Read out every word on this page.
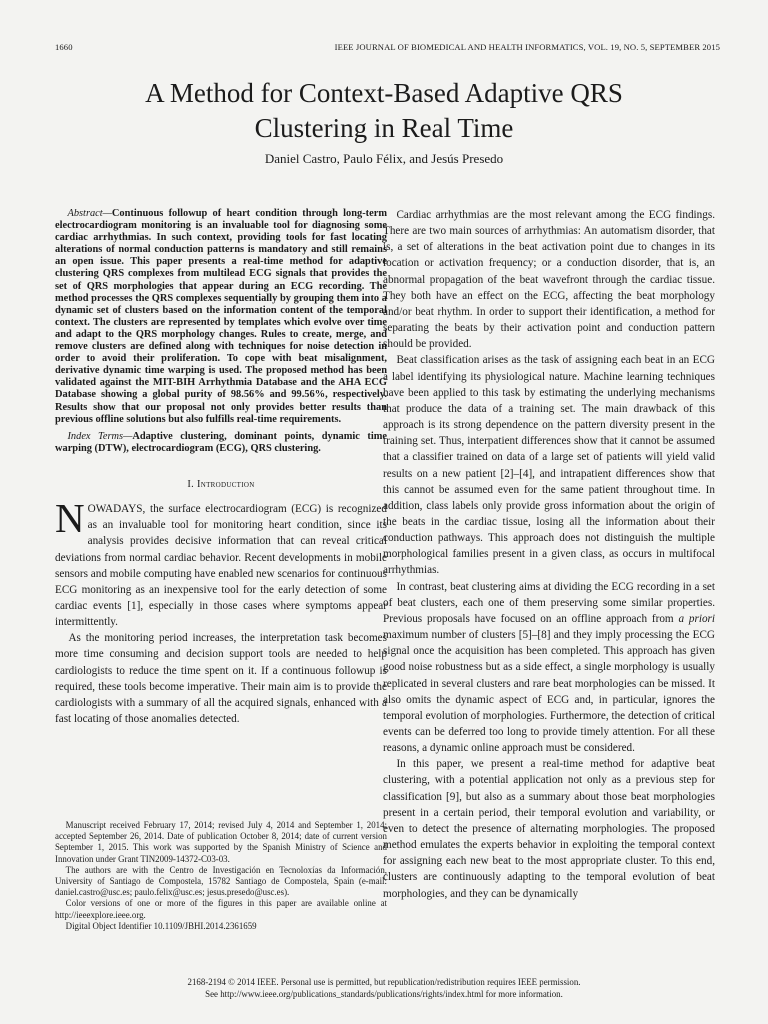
1660	IEEE JOURNAL OF BIOMEDICAL AND HEALTH INFORMATICS, VOL. 19, NO. 5, SEPTEMBER 2015
A Method for Context-Based Adaptive QRS
Clustering in Real Time
Daniel Castro, Paulo Félix, and Jesús Presedo

Abstract—Continuous followup of heart condition through long-term electrocardiogram monitoring is an invaluable tool for diagnosing some cardiac arrhythmias. In such context, providing tools for fast locating alterations of normal conduction patterns is mandatory and still remains an open issue. This paper presents a real-time method for adaptive clustering QRS complexes from multilead ECG signals that provides the set of QRS morphologies that appear during an ECG recording. The method processes the QRS complexes sequentially by grouping them into a dynamic set of clusters based on the information content of the temporal context. The clusters are represented by templates which evolve over time and adapt to the QRS morphology changes. Rules to create, merge, and remove clusters are defined along with techniques for noise detection in order to avoid their proliferation. To cope with beat misalignment, derivative dynamic time warping is used. The proposed method has been validated against the MIT-BIH Arrhythmia Database and the AHA ECG Database showing a global purity of 98.56% and 99.56%, respectively. Results show that our proposal not only provides better results than previous offline solutions but also fulfills real-time requirements.

Index Terms—Adaptive clustering, dominant points, dynamic time warping (DTW), electrocardiogram (ECG), QRS clustering.

I. Introduction

NOWADAYS, the surface electrocardiogram (ECG) is recognized as an invaluable tool for monitoring heart condition, since its analysis provides decisive information that can reveal critical deviations from normal cardiac behavior. Recent developments in mobile sensors and mobile computing have enabled new scenarios for continuous ECG monitoring as an inexpensive tool for the early detection of some cardiac events [1], especially in those cases where symptoms appear intermittently.

As the monitoring period increases, the interpretation task becomes more time consuming and decision support tools are needed to help cardiologists to reduce the time spent on it. If a continuous followup is required, these tools become imperative. Their main aim is to provide the cardiologists with a summary of all the acquired signals, enhanced with a fast locating of those anomalies detected.

Manuscript received February 17, 2014; revised July 4, 2014 and September 1, 2014; accepted September 26, 2014. Date of publication October 8, 2014; date of current version September 1, 2015. This work was supported by the Spanish Ministry of Science and Innovation under Grant TIN2009-14372-C03-03.

The authors are with the Centro de Investigación en Tecnoloxías da Información, University of Santiago de Compostela, 15782 Santiago de Compostela, Spain (e-mail: daniel.castro@usc.es; paulo.felix@usc.es; jesus.presedo@usc.es).

Color versions of one or more of the figures in this paper are available online at http://ieeexplore.ieee.org.

Digital Object Identifier 10.1109/JBHI.2014.2361659

Cardiac arrhythmias are the most relevant among the ECG findings. There are two main sources of arrhythmias: An automatism disorder, that is, a set of alterations in the beat activation point due to changes in its location or activation frequency; or a conduction disorder, that is, an abnormal propagation of the beat wavefront through the cardiac tissue. They both have an effect on the ECG, affecting the beat morphology and/or beat rhythm. In order to support their identification, a method for separating the beats by their activation point and conduction pattern should be provided.

Beat classification arises as the task of assigning each beat in an ECG a label identifying its physiological nature. Machine learning techniques have been applied to this task by estimating the underlying mechanisms that produce the data of a training set. The main drawback of this approach is its strong dependence on the pattern diversity present in the training set. Thus, interpatient differences show that it cannot be assumed that a classifier trained on data of a large set of patients will yield valid results on a new patient [2]–[4], and intrapatient differences show that this cannot be assumed even for the same patient throughout time. In addition, class labels only provide gross information about the origin of the beats in the cardiac tissue, losing all the information about their conduction pathways. This approach does not distinguish the multiple morphological families present in a given class, as occurs in multifocal arrhythmias.

In contrast, beat clustering aims at dividing the ECG recording in a set of beat clusters, each one of them preserving some similar properties. Previous proposals have focused on an offline approach from a priori maximum number of clusters [5]–[8] and they imply processing the ECG signal once the acquisition has been completed. This approach has given good noise robustness but as a side effect, a single morphology is usually replicated in several clusters and rare beat morphologies can be missed. It also omits the dynamic aspect of ECG and, in particular, ignores the temporal evolution of morphologies. Furthermore, the detection of critical events can be deferred too long to provide timely attention. For all these reasons, a dynamic online approach must be considered.

In this paper, we present a real-time method for adaptive beat clustering, with a potential application not only as a previous step for classification [9], but also as a summary about those beat morphologies present in a certain period, their temporal evolution and variability, or even to detect the presence of alternating morphologies. The proposed method emulates the experts behavior in exploiting the temporal context for assigning each new beat to the most appropriate cluster. To this end, clusters are continuously adapting to the temporal evolution of beat morphologies, and they can be dynamically

2168-2194 © 2014 IEEE. Personal use is permitted, but republication/redistribution requires IEEE permission.
See http://www.ieee.org/publications_standards/publications/rights/index.html for more information.
